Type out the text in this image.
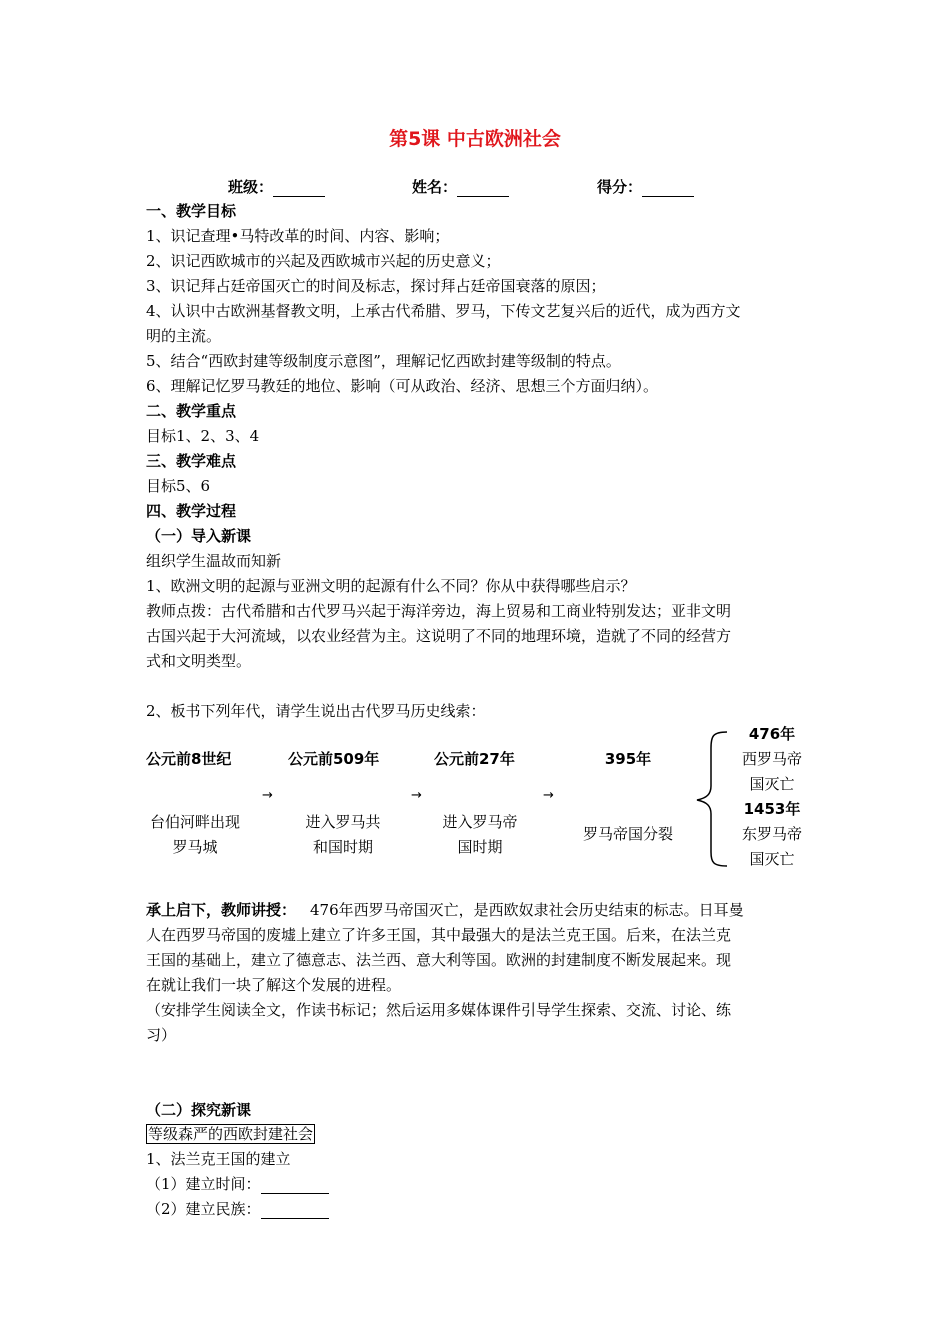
第5课 中古欧洲社会
班级：	姓名：	得分：
一、教学目标
1、识记查理•马特改革的时间、内容、影响；
2、识记西欧城市的兴起及西欧城市兴起的历史意义；
3、识记拜占廷帝国灭亡的时间及标志，探讨拜占廷帝国衰落的原因；
4、认识中古欧洲基督教文明，上承古代希腊、罗马，下传文艺复兴后的近代，成为西方文
明的主流。
5、结合“西欧封建等级制度示意图”，理解记忆西欧封建等级制的特点。
6、理解记忆罗马教廷的地位、影响（可从政治、经济、思想三个方面归纳）。
二、教学重点
目标1、2、3、4
三、教学难点
目标5、6
四、教学过程
（一）导入新课
组织学生温故而知新
1、欧洲文明的起源与亚洲文明的起源有什么不同？你从中获得哪些启示？
教师点拨：古代希腊和古代罗马兴起于海洋旁边，海上贸易和工商业特别发达；亚非文明
古国兴起于大河流域，以农业经营为主。这说明了不同的地理环境，造就了不同的经营方
式和文明类型。
2、板书下列年代，请学生说出古代罗马历史线索：
公元前8世纪
台伯河畔出现
罗马城
→
公元前509年
进入罗马共
和国时期
→
公元前27年
进入罗马帝
国时期
→
395年
罗马帝国分裂
476年
西罗马帝
国灭亡
1453年
东罗马帝
国灭亡
承上启下，教师讲授： 476年西罗马帝国灭亡，是西欧奴隶社会历史结束的标志。日耳曼
人在西罗马帝国的废墟上建立了许多王国，其中最强大的是法兰克王国。后来，在法兰克
王国的基础上，建立了德意志、法兰西、意大利等国。欧洲的封建制度不断发展起来。现
在就让我们一块了解这个发展的进程。
（安排学生阅读全文，作读书标记；然后运用多媒体课件引导学生探索、交流、讨论、练
习）
（二）探究新课
等级森严的西欧封建社会
1、法兰克王国的建立
（1）建立时间：
（2）建立民族：
